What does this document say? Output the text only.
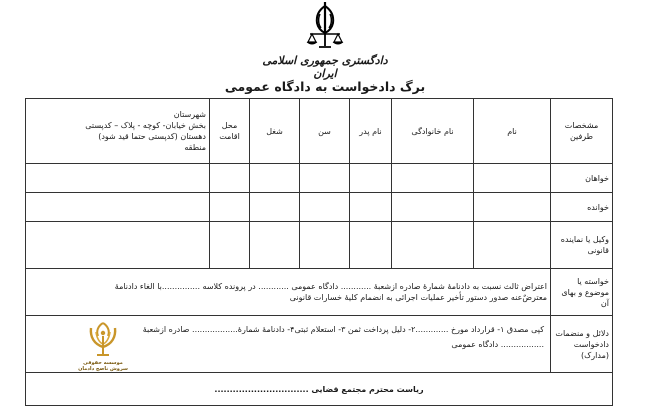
دادگستری جمهوری اسلامی ایران
برگ دادخواست به دادگاه عمومی
مشخصات طرفین	نام	نام خانوادگی	نام پدر	سن	شغل	محل اقامت	شهرستان
بخش خیابان- کوچه - پلاک – کدپستی
دهستان (کدپستی حتما قید شود)
منطقه

خواهان							
خوانده							
وکیل یا نماینده قانونی							
خواسته یا موضوع و بهای آن	اعتراض ثالث نسبت به دادنامهٔ شمارهٔ صادره ازشعبهٔ ............ دادگاه عمومی ............ در پرونده کلاسه ...............با الغاء دادنامهٔ
معترض‌ٌعنه صدور دستور تأخیر عملیات اجرائی به انضمام کلیهٔ خسارات قانونی						

دلائل و منضمات دادخواست (مدارک)	کپی مصدق ۱- قرارداد مورخ .............۲- دلیل پرداخت ثمن ۳- استعلام ثبتی۴- دادنامهٔ شمارهٔ.................. صادره ازشعبهٔ
................. دادگاه عمومی
موسسه حقوقی
سروش ناصح دادمان						

ریاست محترم مجتمع قضایی ...............................							
